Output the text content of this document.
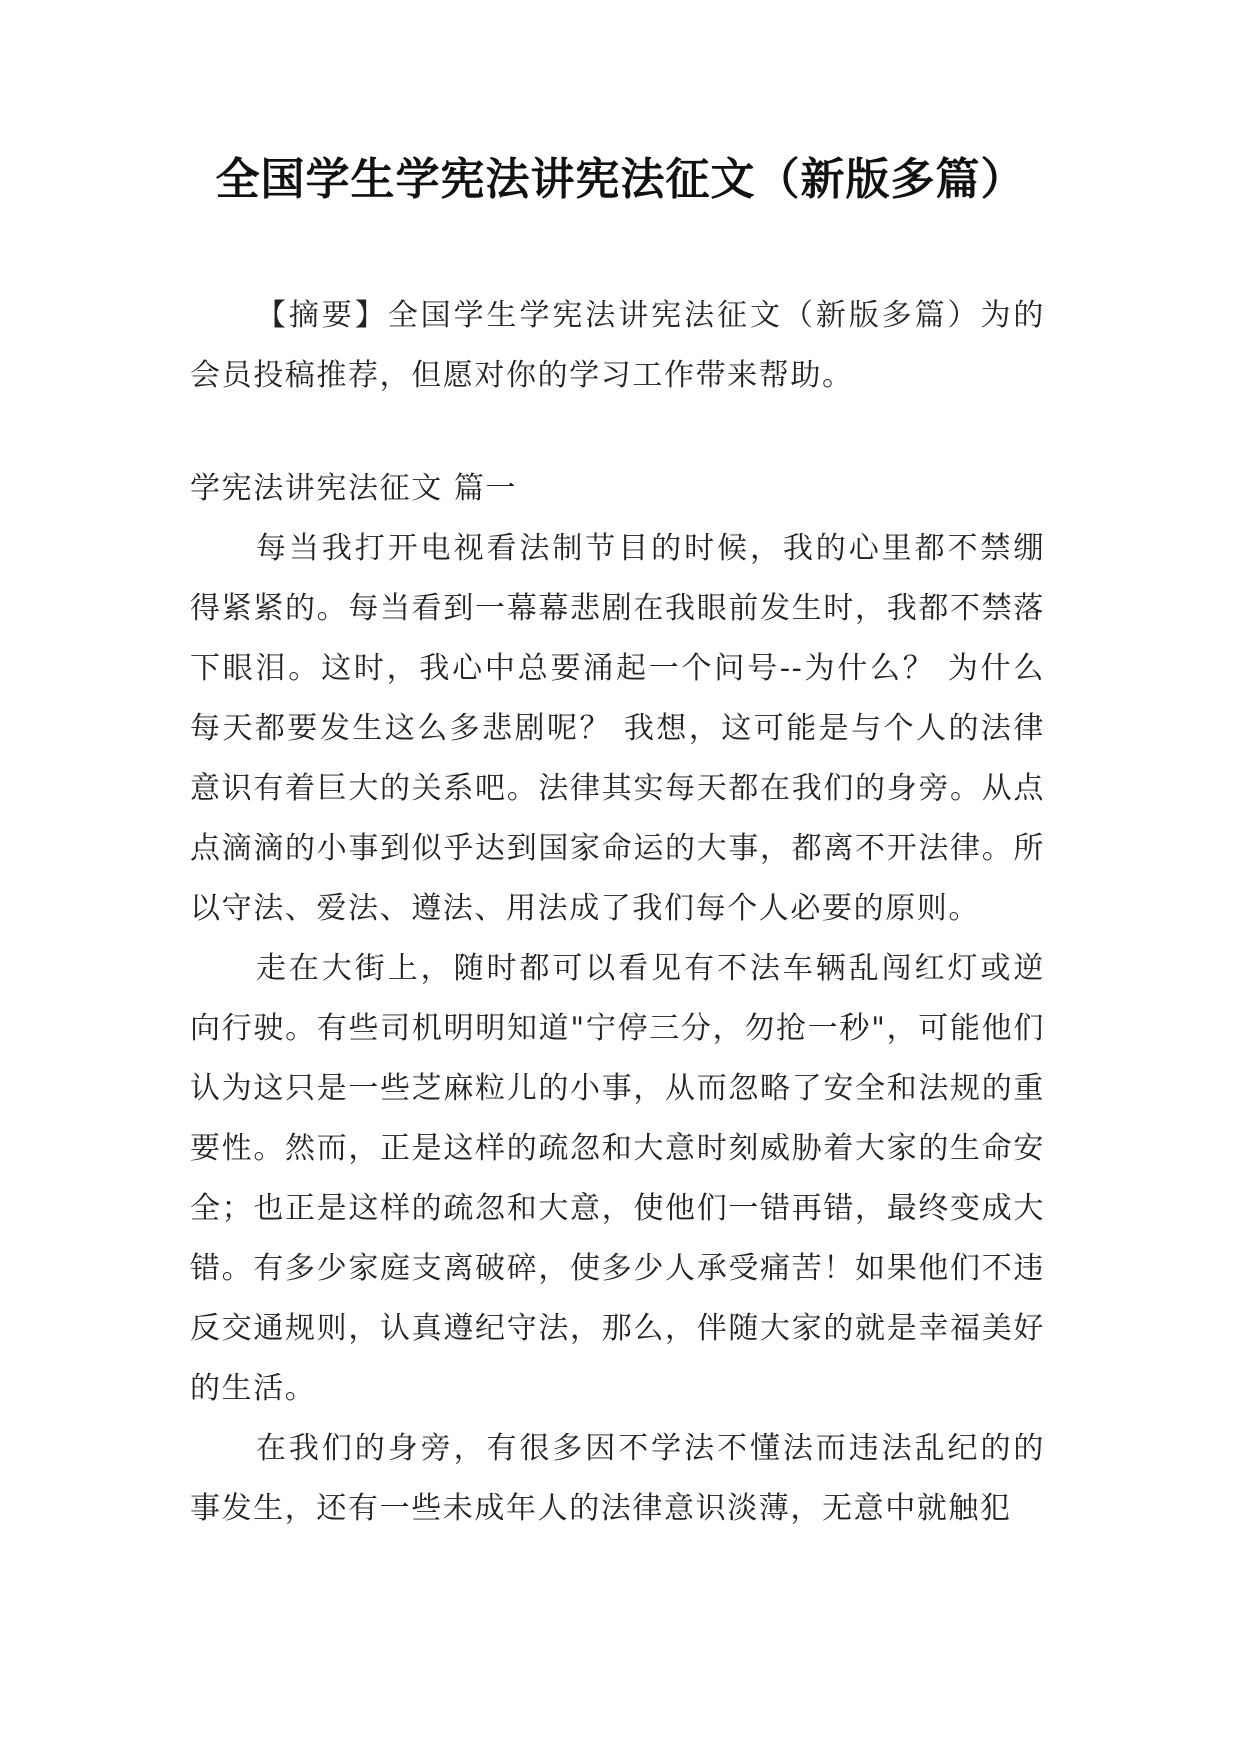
全国学生学宪法讲宪法征文（新版多篇）
【摘要】全国学生学宪法讲宪法征文（新版多篇）为的会员投稿推荐，但愿对你的学习工作带来帮助。
学宪法讲宪法征文 篇一

每当我打开电视看法制节目的时候，我的心里都不禁绷得紧紧的。每当看到一幕幕悲剧在我眼前发生时，我都不禁落下眼泪。这时，我心中总要涌起一个问号--为什么？ 为什么每天都要发生这么多悲剧呢？ 我想，这可能是与个人的法律意识有着巨大的关系吧。法律其实每天都在我们的身旁。从点点滴滴的小事到似乎达到国家命运的大事，都离不开法律。所以守法、爱法、遵法、用法成了我们每个人必要的原则。

走在大街上，随时都可以看见有不法车辆乱闯红灯或逆向行驶。有些司机明明知道"宁停三分，勿抢一秒"，可能他们认为这只是一些芝麻粒儿的小事，从而忽略了安全和法规的重要性。然而，正是这样的疏忽和大意时刻威胁着大家的生命安全；也正是这样的疏忽和大意，使他们一错再错，最终变成大错。有多少家庭支离破碎，使多少人承受痛苦！如果他们不违反交通规则，认真遵纪守法，那么，伴随大家的就是幸福美好的生活。

在我们的身旁，有很多因不学法不懂法而违法乱纪的的事发生，还有一些未成年人的法律意识淡薄，无意中就触犯
